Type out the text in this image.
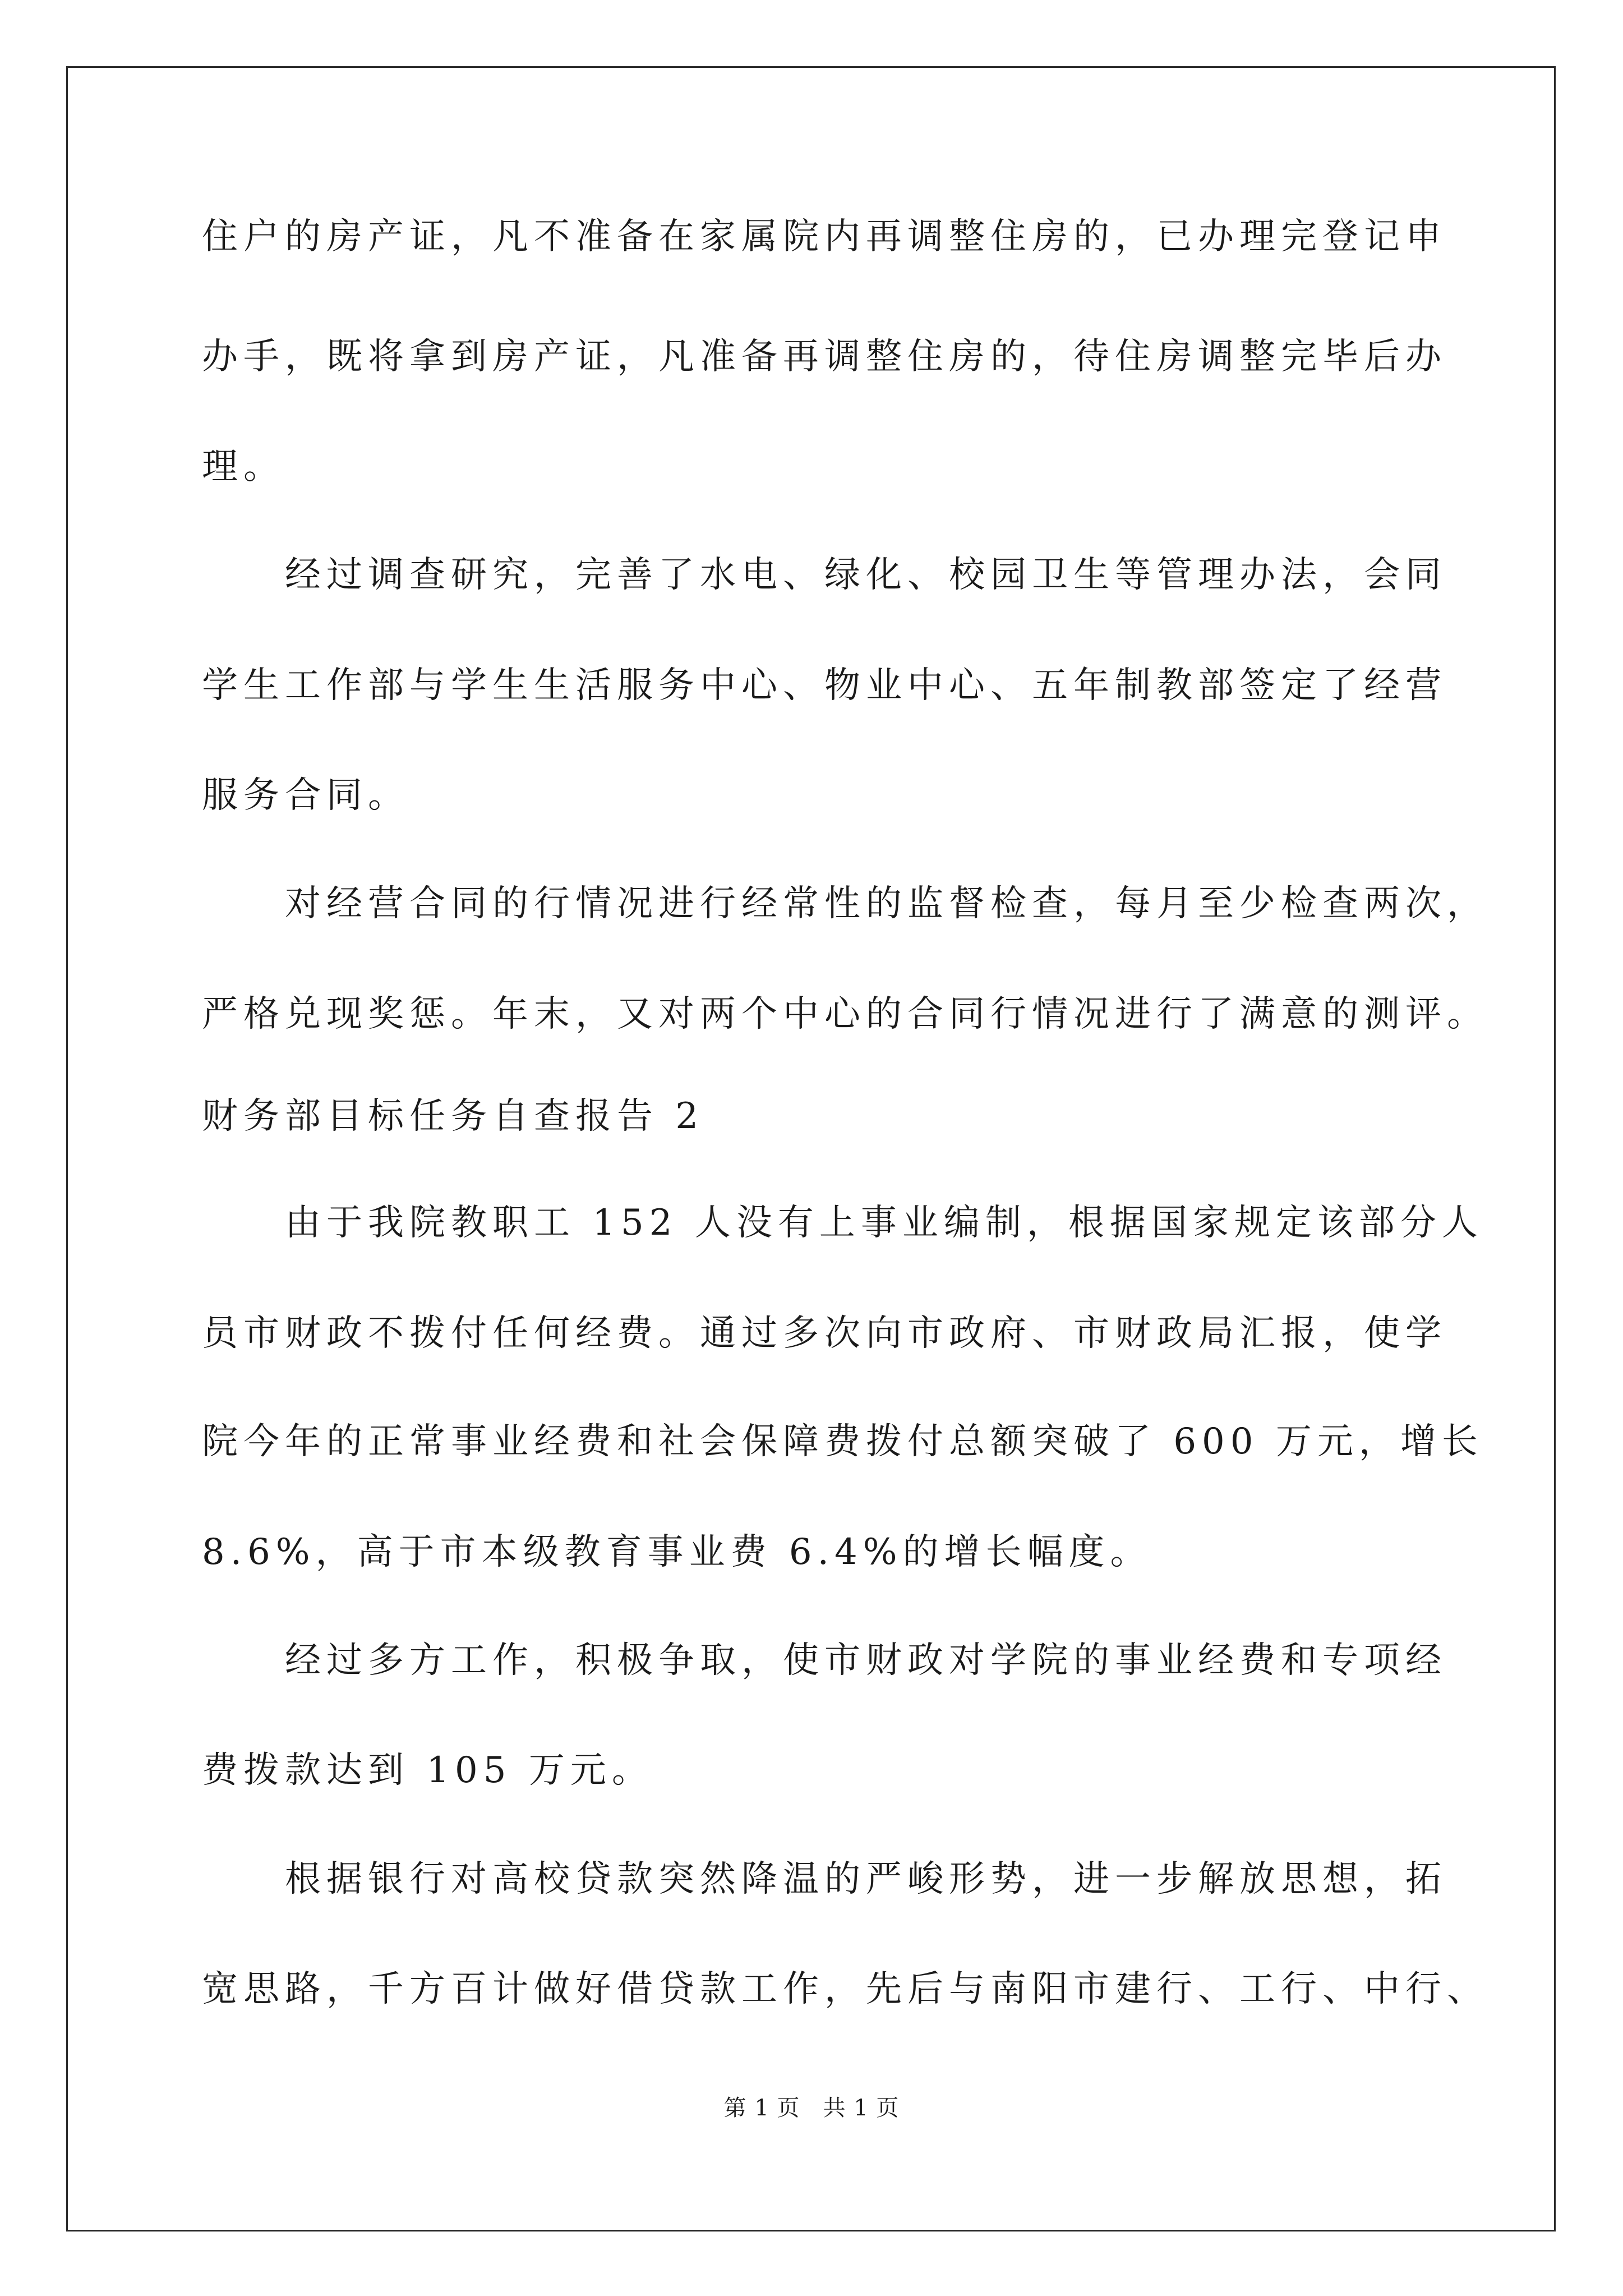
住户的房产证，凡不准备在家属院内再调整住房的，已办理完登记申
办手，既将拿到房产证，凡准备再调整住房的，待住房调整完毕后办
理。
　　经过调查研究，完善了水电、绿化、校园卫生等管理办法，会同
学生工作部与学生生活服务中心、物业中心、五年制教部签定了经营
服务合同。
　　对经营合同的行情况进行经常性的监督检查，每月至少检查两次，
严格兑现奖惩。年末，又对两个中心的合同行情况进行了满意的测评。
财务部目标任务自查报告 2
　　由于我院教职工 152 人没有上事业编制，根据国家规定该部分人
员市财政不拨付任何经费。通过多次向市政府、市财政局汇报，使学
院今年的正常事业经费和社会保障费拨付总额突破了 600 万元，增长
8.6%，高于市本级教育事业费 6.4%的增长幅度。
　　经过多方工作，积极争取，使市财政对学院的事业经费和专项经
费拨款达到 105 万元。
　　根据银行对高校贷款突然降温的严峻形势，进一步解放思想，拓
宽思路，千方百计做好借贷款工作，先后与南阳市建行、工行、中行、
第 1 页　共 1 页
